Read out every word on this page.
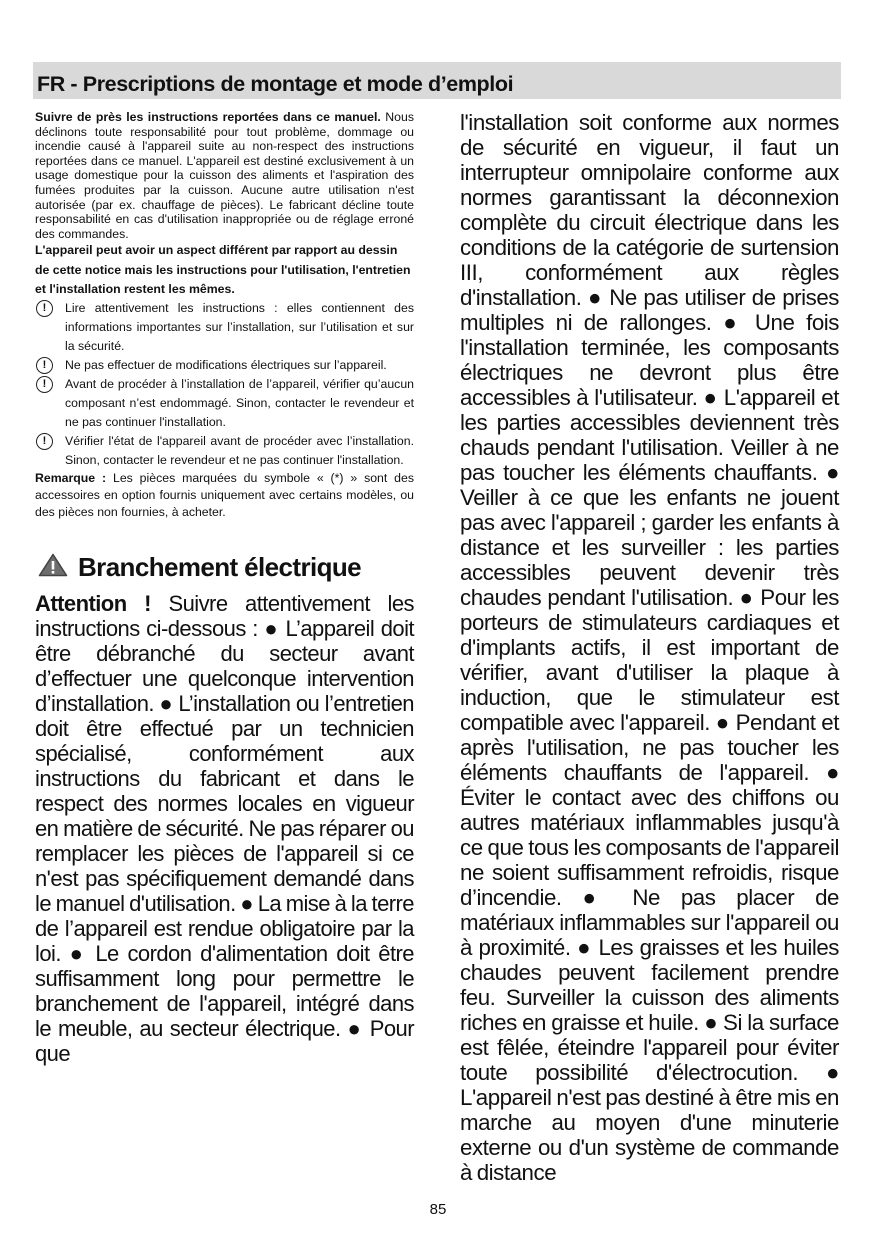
FR - Prescriptions de montage et mode d’emploi

Suivre de près les instructions reportées dans ce manuel. Nous déclinons toute responsabilité pour tout problème, dommage ou incendie causé à l'appareil suite au non-respect des instructions reportées dans ce manuel. L'appareil est destiné exclusivement à un usage domestique pour la cuisson des aliments et l'aspiration des fumées produites par la cuisson. Aucune autre utilisation n'est autorisée (par ex. chauffage de pièces). Le fabricant décline toute responsabilité en cas d'utilisation inappropriée ou de réglage erroné des commandes.

L'appareil peut avoir un aspect différent par rapport au dessin de cette notice mais les instructions pour l'utilisation, l'entretien et l'installation restent les mêmes.

!	Lire attentivement les instructions : elles contiennent des informations importantes sur l’installation, sur l’utilisation et sur la sécurité.

!	Ne pas effectuer de modifications électriques sur l’appareil.

!	Avant de procéder à l’installation de l’appareil, vérifier qu’aucun composant n’est endommagé. Sinon, contacter le revendeur et ne pas continuer l'installation.

!	Vérifier l'état de l'appareil avant de procéder avec l’installation. Sinon, contacter le revendeur et ne pas continuer l'installation.

Remarque : Les pièces marquées du symbole « (*) » sont des accessoires en option fournis uniquement avec certains modèles, ou des pièces non fournies, à acheter.

Branchement électrique

Attention ! Suivre attentivement les instructions ci-dessous : ● L’appareil doit être débranché du secteur avant d’effectuer une quelconque intervention d’installation. ● L’installation ou l’entretien doit être effectué par un technicien spécialisé, conformément aux instructions du fabricant et dans le respect des normes locales en vigueur en matière de sécurité. Ne pas réparer ou remplacer les pièces de l'appareil si ce n'est pas spécifiquement demandé dans le manuel d'utilisation. ● La mise à la terre de l’appareil est rendue obligatoire par la loi. ● Le cordon d'alimentation doit être suffisamment long pour permettre le branchement de l'appareil, intégré dans le meuble, au secteur électrique. ● Pour que

l'installation soit conforme aux normes de sécurité en vigueur, il faut un interrupteur omnipolaire conforme aux normes garantissant la déconnexion complète du circuit électrique dans les conditions de la catégorie de surtension III, conformément aux règles d'installation. ● Ne pas utiliser de prises multiples ni de rallonges. ● Une fois l'installation terminée, les composants électriques ne devront plus être accessibles à l'utilisateur. ● L'appareil et les parties accessibles deviennent très chauds pendant l'utilisation. Veiller à ne pas toucher les éléments chauffants. ● Veiller à ce que les enfants ne jouent pas avec l'appareil ; garder les enfants à distance et les surveiller : les parties accessibles peuvent devenir très chaudes pendant l'utilisation. ● Pour les porteurs de stimulateurs cardiaques et d'implants actifs, il est important de vérifier, avant d'utiliser la plaque à induction, que le stimulateur est compatible avec l'appareil. ● Pendant et après l'utilisation, ne pas toucher les éléments chauffants de l'appareil. ● Éviter le contact avec des chiffons ou autres matériaux inflammables jusqu'à ce que tous les composants de l'appareil ne soient suffisamment refroidis, risque d’incendie. ● Ne pas placer de matériaux inflammables sur l'appareil ou à proximité. ● Les graisses et les huiles chaudes peuvent facilement prendre feu. Surveiller la cuisson des aliments riches en graisse et huile. ● Si la surface est fêlée, éteindre l'appareil pour éviter toute possibilité d'électrocution. ● L'appareil n'est pas destiné à être mis en marche au moyen d'une minuterie externe ou d'un système de commande à distance

85
